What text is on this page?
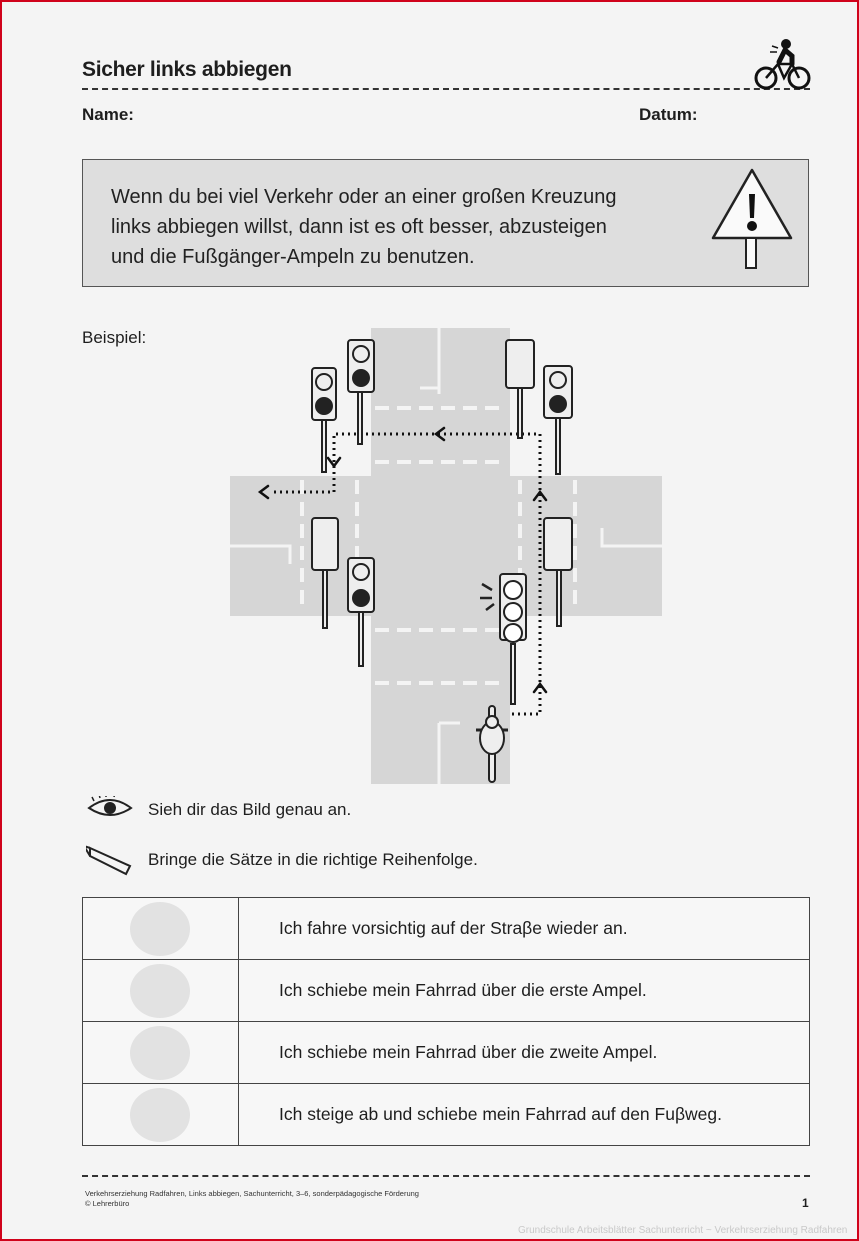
Sicher links abbiegen
Name:	Datum:
Wenn du bei viel Verkehr oder an einer großen Kreuzung
links abbiegen willst, dann ist es oft besser, abzusteigen
und die Fußgänger-Ampeln zu benutzen.
Beispiel:
Sieh dir das Bild genau an.
Bringe die Sätze in die richtige Reihenfolge.
	Ich fahre vorsichtig auf der Straβe wieder an.

	Ich schiebe mein Fahrrad über die erste Ampel.

	Ich schiebe mein Fahrrad über die zweite Ampel.

	Ich steige ab und schiebe mein Fahrrad auf den Fuβweg.
Verkehrserziehung Radfahren, Links abbiegen, Sachunterricht, 3–6, sonderpädagogische Förderung
© Lehrerbüro	1
Grundschule Arbeitsblätter Sachunterricht ~ Verkehrserziehung Radfahren
